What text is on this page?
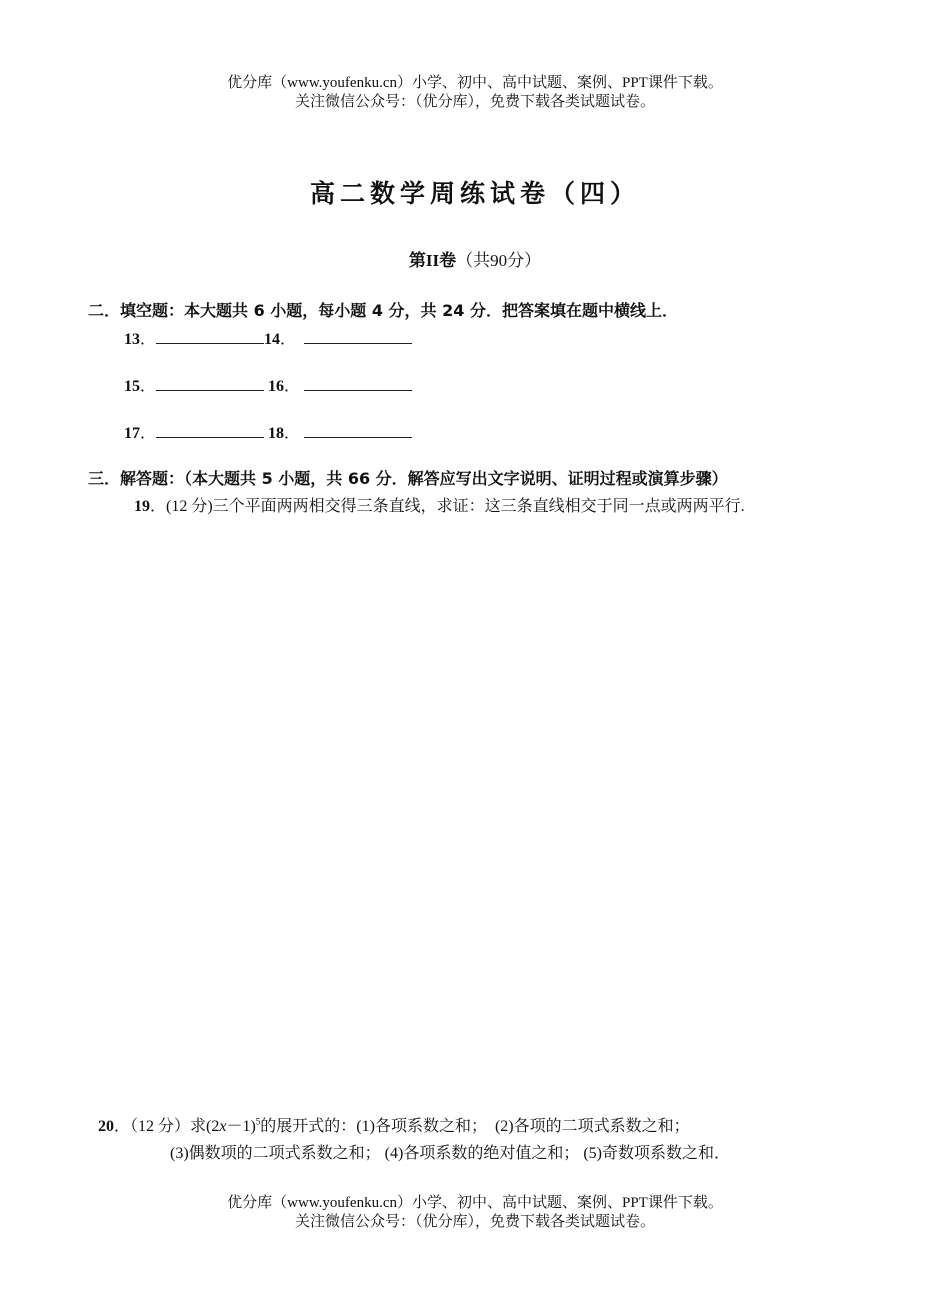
优分库（www.youfenku.cn）小学、初中、高中试题、案例、PPT课件下载。
关注微信公众号：（优分库），免费下载各类试题试卷。
高二数学周练试卷（四）
第II卷（共90分）
二．填空题：本大题共 6 小题，每小题 4 分，共 24 分．把答案填在题中横线上．
13．	14．
15．	16．
17．	18．
三．解答题：（本大题共 5 小题，共 66 分．解答应写出文字说明、证明过程或演算步骤）
19．(12 分)三个平面两两相交得三条直线，求证：这三条直线相交于同一点或两两平行.
20．（12 分）求$(2x-1)^5$的展开式的：(1)各项系数之和；　(2)各项的二项式系数之和；
(3)偶数项的二项式系数之和； (4)各项系数的绝对值之和； (5)奇数项系数之和．
优分库（www.youfenku.cn）小学、初中、高中试题、案例、PPT课件下载。
关注微信公众号：（优分库），免费下载各类试题试卷。
